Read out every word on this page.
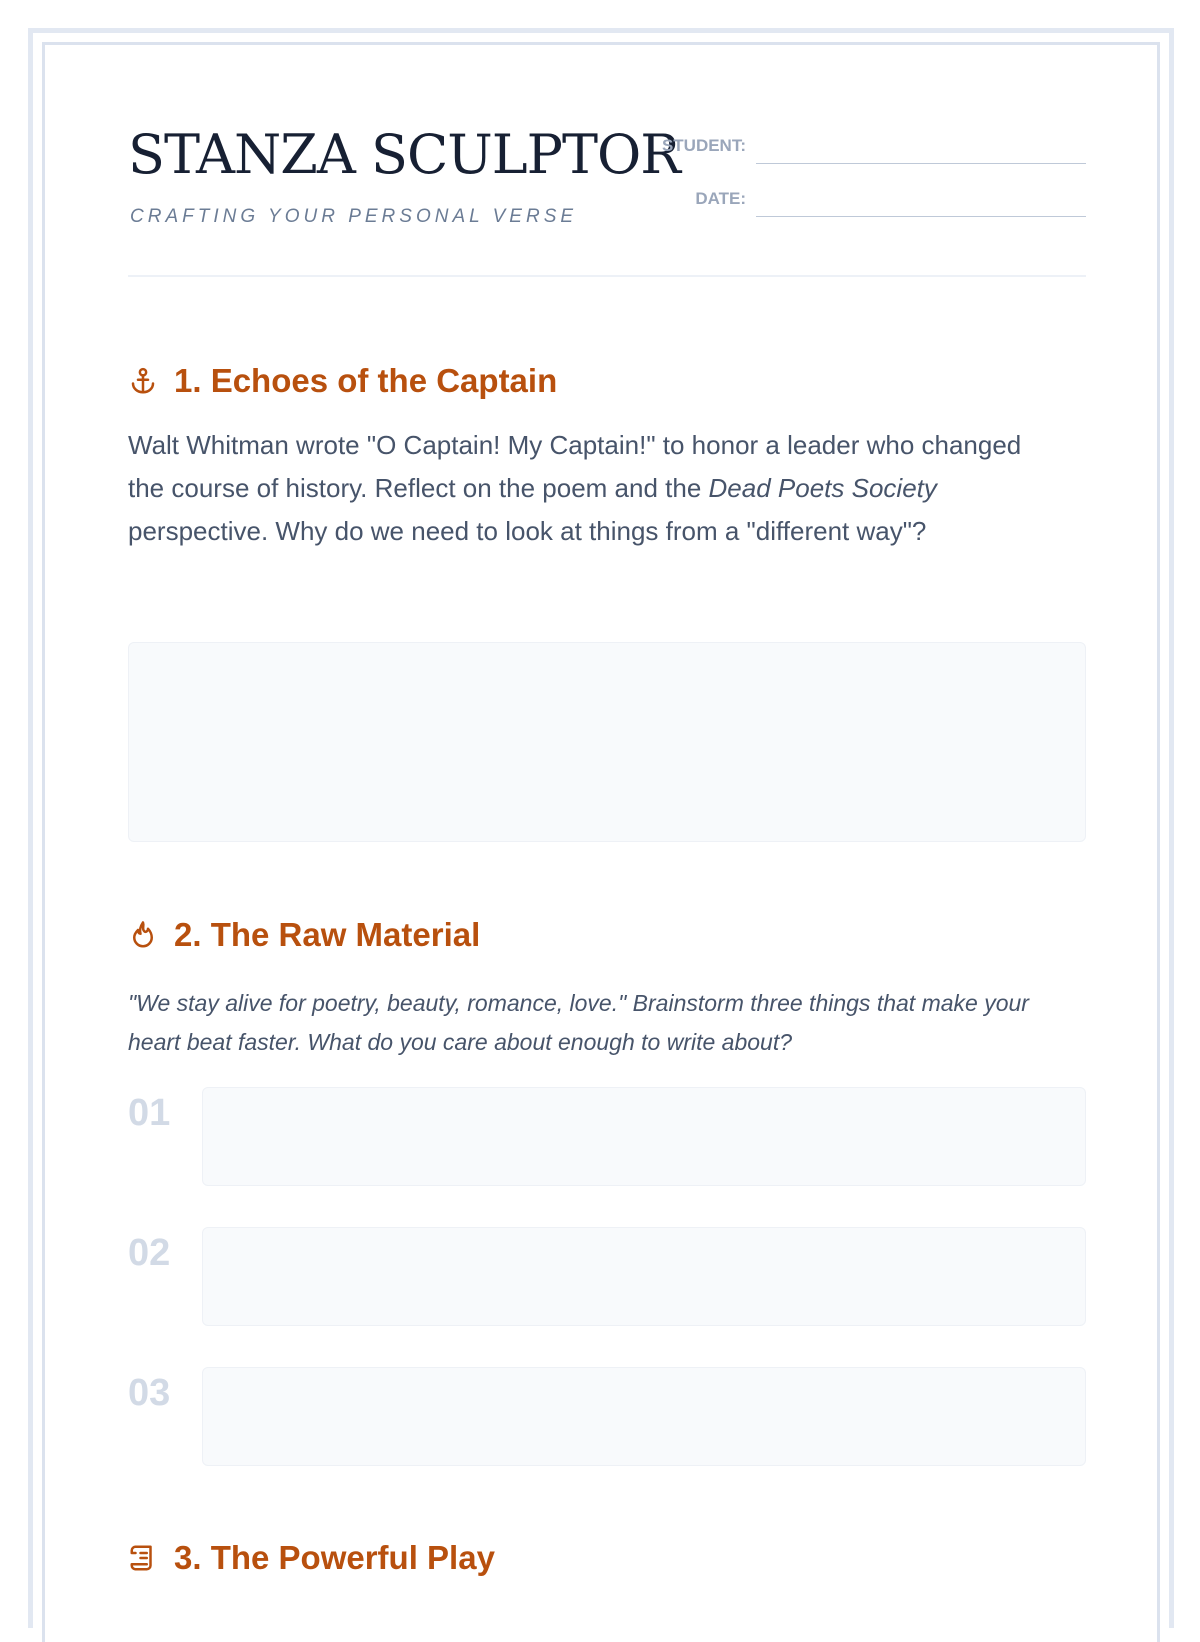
STANZA SCULPTOR
CRAFTING YOUR PERSONAL VERSE
STUDENT:
DATE:
1. Echoes of the Captain
Walt Whitman wrote "O Captain! My Captain!" to honor a leader who changed the course of history. Reflect on the poem and the Dead Poets Society perspective. Why do we need to look at things from a "different way"?
2. The Raw Material
"We stay alive for poetry, beauty, romance, love." Brainstorm three things that make your heart beat faster. What do you care about enough to write about?
01
02
03
3. The Powerful Play
